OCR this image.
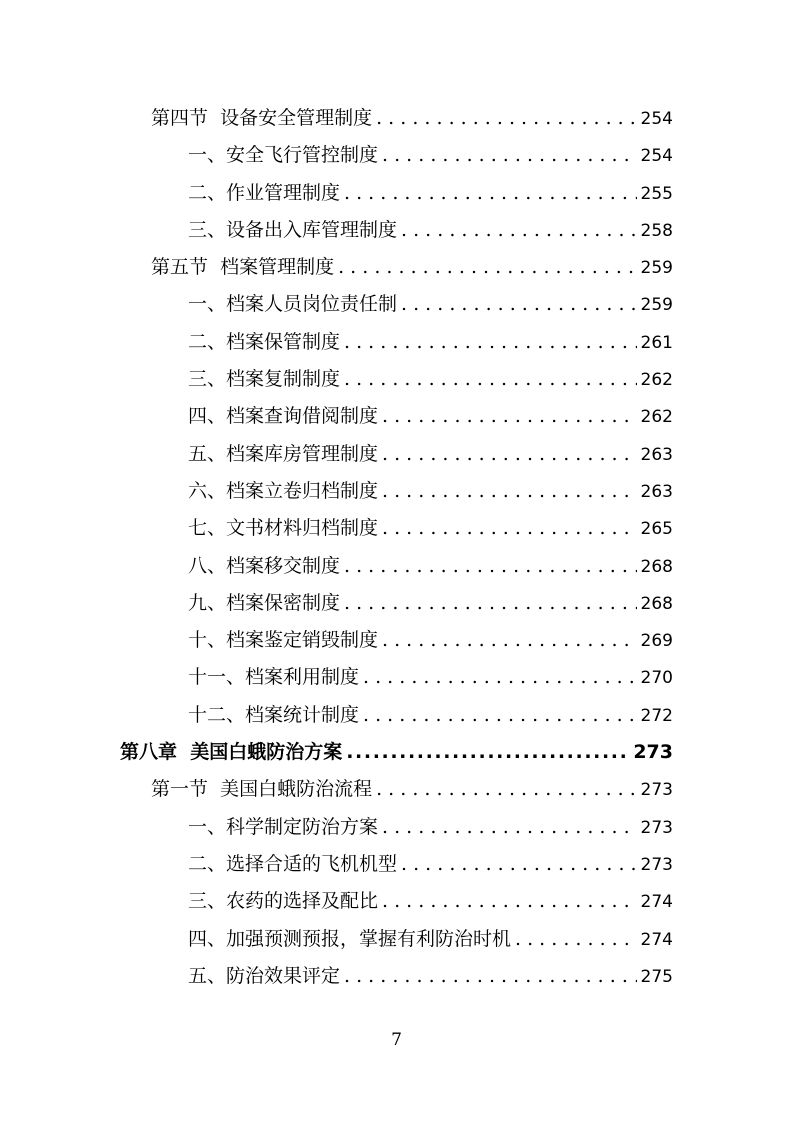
第四节  设备安全管理制度 . . .	254
一、安全飞行管控制度 . . .	254
二、作业管理制度 . . .	255
三、设备出入库管理制度 . . .	258
第五节  档案管理制度 . . .	259
一、档案人员岗位责任制 . . .	259
二、档案保管制度 . . .	261
三、档案复制制度 . . .	262
四、档案查询借阅制度 . . .	262
五、档案库房管理制度 . . .	263
六、档案立卷归档制度 . . .	263
七、文书材料归档制度 . . .	265
八、档案移交制度 . . .	268
九、档案保密制度 . . .	268
十、档案鉴定销毁制度 . . .	269
十一、档案利用制度 . . .	270
十二、档案统计制度 . . .	272
第八章  美国白蛾防治方案 .....	273
第一节  美国白蛾防治流程 . . .	273
一、科学制定防治方案 . . .	273
二、选择合适的飞机机型 . . .	273
三、农药的选择及配比 . . .	274
四、加强预测预报，掌握有利防治时机 . . .	274
五、防治效果评定 . . .	275
7
